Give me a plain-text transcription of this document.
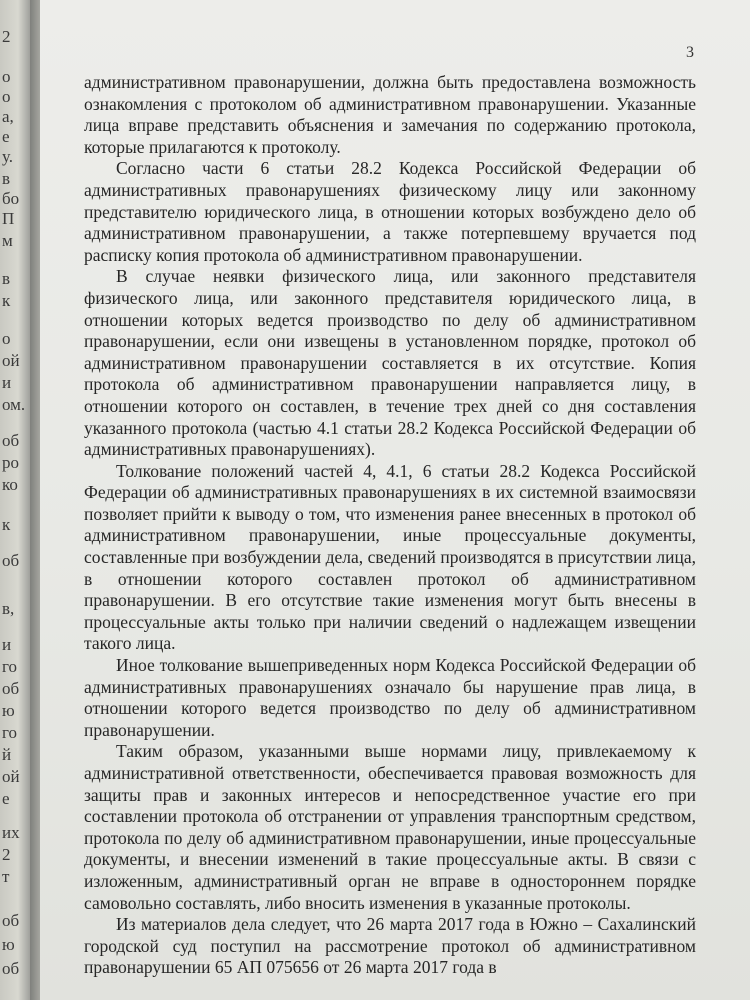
2
о
о
а,
е
у.
в
бо
П
м
в
к
о
ой
и
ом.
об
ро
ко
к
об
в,
и
го
об
ю
го
й
ой
е
их
2
т
об
ю
об
3

административном правонарушении, должна быть предоставлена возможность ознакомления с протоколом об административном правонарушении. Указанные лица вправе представить объяснения и замечания по содержанию протокола, которые прилагаются к протоколу.

Согласно части 6 статьи 28.2 Кодекса Российской Федерации об административных правонарушениях физическому лицу или законному представителю юридического лица, в отношении которых возбуждено дело об административном правонарушении, а также потерпевшему вручается под расписку копия протокола об административном правонарушении.

В случае неявки физического лица, или законного представителя физического лица, или законного представителя юридического лица, в отношении которых ведется производство по делу об административном правонарушении, если они извещены в установленном порядке, протокол об административном правонарушении составляется в их отсутствие. Копия протокола об административном правонарушении направляется лицу, в отношении которого он составлен, в течение трех дней со дня составления указанного протокола (частью 4.1 статьи 28.2 Кодекса Российской Федерации об административных правонарушениях).

Толкование положений частей 4, 4.1, 6 статьи 28.2 Кодекса Российской Федерации об административных правонарушениях в их системной взаимосвязи позволяет прийти к выводу о том, что изменения ранее внесенных в протокол об административном правонарушении, иные процессуальные документы, составленные при возбуждении дела, сведений производятся в присутствии лица, в отношении которого составлен протокол об административном правонарушении. В его отсутствие такие изменения могут быть внесены в процессуальные акты только при наличии сведений о надлежащем извещении такого лица.

Иное толкование вышеприведенных норм Кодекса Российской Федерации об административных правонарушениях означало бы нарушение прав лица, в отношении которого ведется производство по делу об административном правонарушении.

Таким образом, указанными выше нормами лицу, привлекаемому к административной ответственности, обеспечивается правовая возможность для защиты прав и законных интересов и непосредственное участие его при составлении протокола об отстранении от управления транспортным средством, протокола по делу об административном правонарушении, иные процессуальные документы, и внесении изменений в такие процессуальные акты. В связи с изложенным, административный орган не вправе в одностороннем порядке самовольно составлять, либо вносить изменения в указанные протоколы.

Из материалов дела следует, что 26 марта 2017 года в Южно – Сахалинский городской суд поступил на рассмотрение протокол об административном правонарушении 65 АП 075656 от 26 марта 2017 года в
